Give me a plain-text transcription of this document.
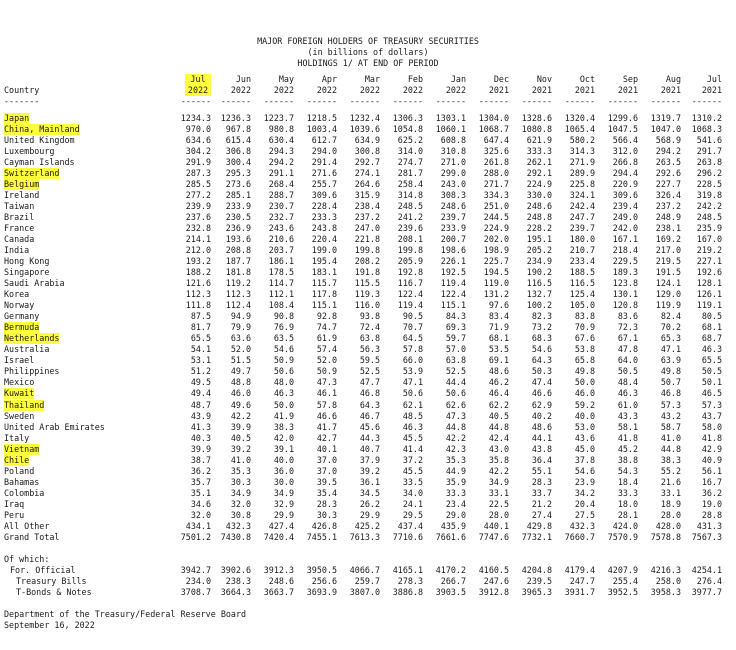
MAJOR FOREIGN HOLDERS OF TREASURY SECURITIES

(in billions of dollars)

HOLDINGS 1/ AT END OF PERIOD

Jul	Jun	May	Apr	Mar	Feb	Jan	Dec	Nov	Oct	Sep	Aug	Jul

Country

	2022	2022	2022	2022	2022	2022	2022	2021	2021	2021	2021	2021	2021
------	------	------	------	------	------	------	------	------	------	------	------	------
-------
Japan	1234.3	1236.3	1223.7	1218.5	1232.4	1306.3	1303.1	1304.0	1328.6	1320.4	1299.6	1319.7	1310.2
China, Mainland	970.0	967.8	980.8	1003.4	1039.6	1054.8	1060.1	1068.7	1080.8	1065.4	1047.5	1047.0	1068.3
United Kingdom	634.6	615.4	630.4	612.7	634.9	625.2	608.8	647.4	621.9	580.2	566.4	568.9	541.6
Luxembourg	304.2	306.8	294.3	294.0	300.8	314.0	310.8	325.6	333.3	314.3	312.0	294.2	291.7
Cayman Islands	291.9	300.4	294.2	291.4	292.7	274.7	271.0	261.8	262.1	271.9	266.8	263.5	263.8
Switzerland	287.3	295.3	291.1	271.6	274.1	281.7	299.0	288.0	292.1	289.9	294.4	292.6	296.2
Belgium	285.5	273.6	268.4	255.7	264.6	258.4	243.0	271.7	224.9	225.8	220.9	227.7	228.5
Ireland	277.2	285.1	288.7	309.6	315.9	314.8	308.3	334.3	330.0	324.1	309.6	326.4	319.8
Taiwan	239.9	233.9	230.7	228.4	238.4	248.5	248.6	251.0	248.6	242.4	239.4	237.2	242.2
Brazil	237.6	230.5	232.7	233.3	237.2	241.2	239.7	244.5	248.8	247.7	249.0	248.9	248.5
France	232.8	236.9	243.6	243.8	247.0	239.6	233.9	224.9	228.2	239.7	242.0	238.1	235.9
Canada	214.1	193.6	210.6	220.4	221.8	208.1	200.7	202.0	195.1	180.0	167.1	169.2	167.0
India	212.0	208.8	203.7	199.0	199.8	199.8	198.6	198.9	205.2	210.7	218.4	217.0	219.2
Hong Kong	193.2	187.7	186.1	195.4	208.2	205.9	226.1	225.7	234.9	233.4	229.5	219.5	227.1
Singapore	188.2	181.8	178.5	183.1	191.8	192.8	192.5	194.5	190.2	188.5	189.3	191.5	192.6
Saudi Arabia	121.6	119.2	114.7	115.7	115.5	116.7	119.4	119.0	116.5	116.5	123.8	124.1	128.1
Korea	112.3	112.3	112.1	117.8	119.3	122.4	122.4	131.2	132.7	125.4	130.1	129.0	126.1
Norway	111.8	112.4	108.4	115.1	116.0	119.4	115.1	97.6	100.2	105.0	120.8	119.9	119.1
Germany	87.5	94.9	90.8	92.8	93.8	90.5	84.3	83.4	82.3	83.8	83.6	82.4	80.5
Bermuda	81.7	79.9	76.9	74.7	72.4	70.7	69.3	71.9	73.2	70.9	72.3	70.2	68.1
Netherlands	65.5	63.6	63.5	61.9	63.8	64.5	59.7	68.1	68.3	67.6	67.1	65.3	68.7
Australia	54.1	52.0	54.6	57.4	56.3	57.8	57.0	53.5	54.6	53.8	47.8	47.1	46.3
Israel	53.1	51.5	50.9	52.0	59.5	66.0	63.8	69.1	64.3	65.8	64.0	63.9	65.5
Philippines	51.2	49.7	50.6	50.9	52.5	53.9	52.5	48.6	50.3	49.8	50.5	49.8	50.5
Mexico	49.5	48.8	48.0	47.3	47.7	47.1	44.4	46.2	47.4	50.0	48.4	50.7	50.1
Kuwait	49.4	46.0	46.3	46.1	46.8	50.6	50.6	46.4	46.6	46.0	46.3	46.8	46.5
Thailand	48.7	49.6	50.0	57.8	64.3	62.1	62.6	62.2	62.9	59.2	61.0	57.3	57.3
Sweden	43.9	42.2	41.9	46.6	46.7	48.5	47.3	40.5	40.2	40.0	43.3	43.2	43.7
United Arab Emirates	41.3	39.9	38.3	41.7	45.6	46.3	44.8	44.8	48.6	53.0	58.1	58.7	58.0
Italy	40.3	40.5	42.0	42.7	44.3	45.5	42.2	42.4	44.1	43.6	41.8	41.0	41.8
Vietnam	39.9	39.2	39.1	40.1	40.7	41.4	42.3	43.0	43.8	45.0	45.2	44.8	42.9
Chile	38.7	41.0	40.0	37.0	37.9	37.2	35.3	35.8	36.4	37.8	38.8	38.3	40.9
Poland	36.2	35.3	36.0	37.0	39.2	45.5	44.9	42.2	55.1	54.6	54.3	55.2	56.1
Bahamas	35.7	30.3	30.0	39.5	36.1	33.5	35.9	34.9	28.3	23.9	18.4	21.6	16.7
Colombia	35.1	34.9	34.9	35.4	34.5	34.0	33.3	33.1	33.7	34.2	33.3	33.1	36.2
Iraq	34.6	32.0	32.9	28.3	26.2	24.1	23.4	22.5	21.2	20.4	18.0	18.9	19.0
Peru	32.0	30.8	29.9	30.3	29.9	29.5	29.0	28.0	27.4	27.5	28.1	28.0	28.8
All Other	434.1	432.3	427.4	426.8	425.2	437.4	435.9	440.1	429.8	432.3	424.0	428.0	431.3
Grand Total	7501.2	7430.8	7420.4	7455.1	7613.3	7710.6	7661.6	7747.6	7732.1	7660.7	7570.9	7578.8	7567.3

Of which:

For. Official	3942.7	3902.6	3912.3	3950.5	4066.7	4165.1	4170.2	4160.5	4204.8	4179.4	4207.9	4216.3	4254.1
Treasury Bills	234.0	238.3	248.6	256.6	259.7	278.3	266.7	247.6	239.5	247.7	255.4	258.0	276.4
T-Bonds & Notes	3708.7	3664.3	3663.7	3693.9	3807.0	3886.8	3903.5	3912.8	3965.3	3931.7	3952.5	3958.3	3977.7

Department of the Treasury/Federal Reserve Board

September 16, 2022
